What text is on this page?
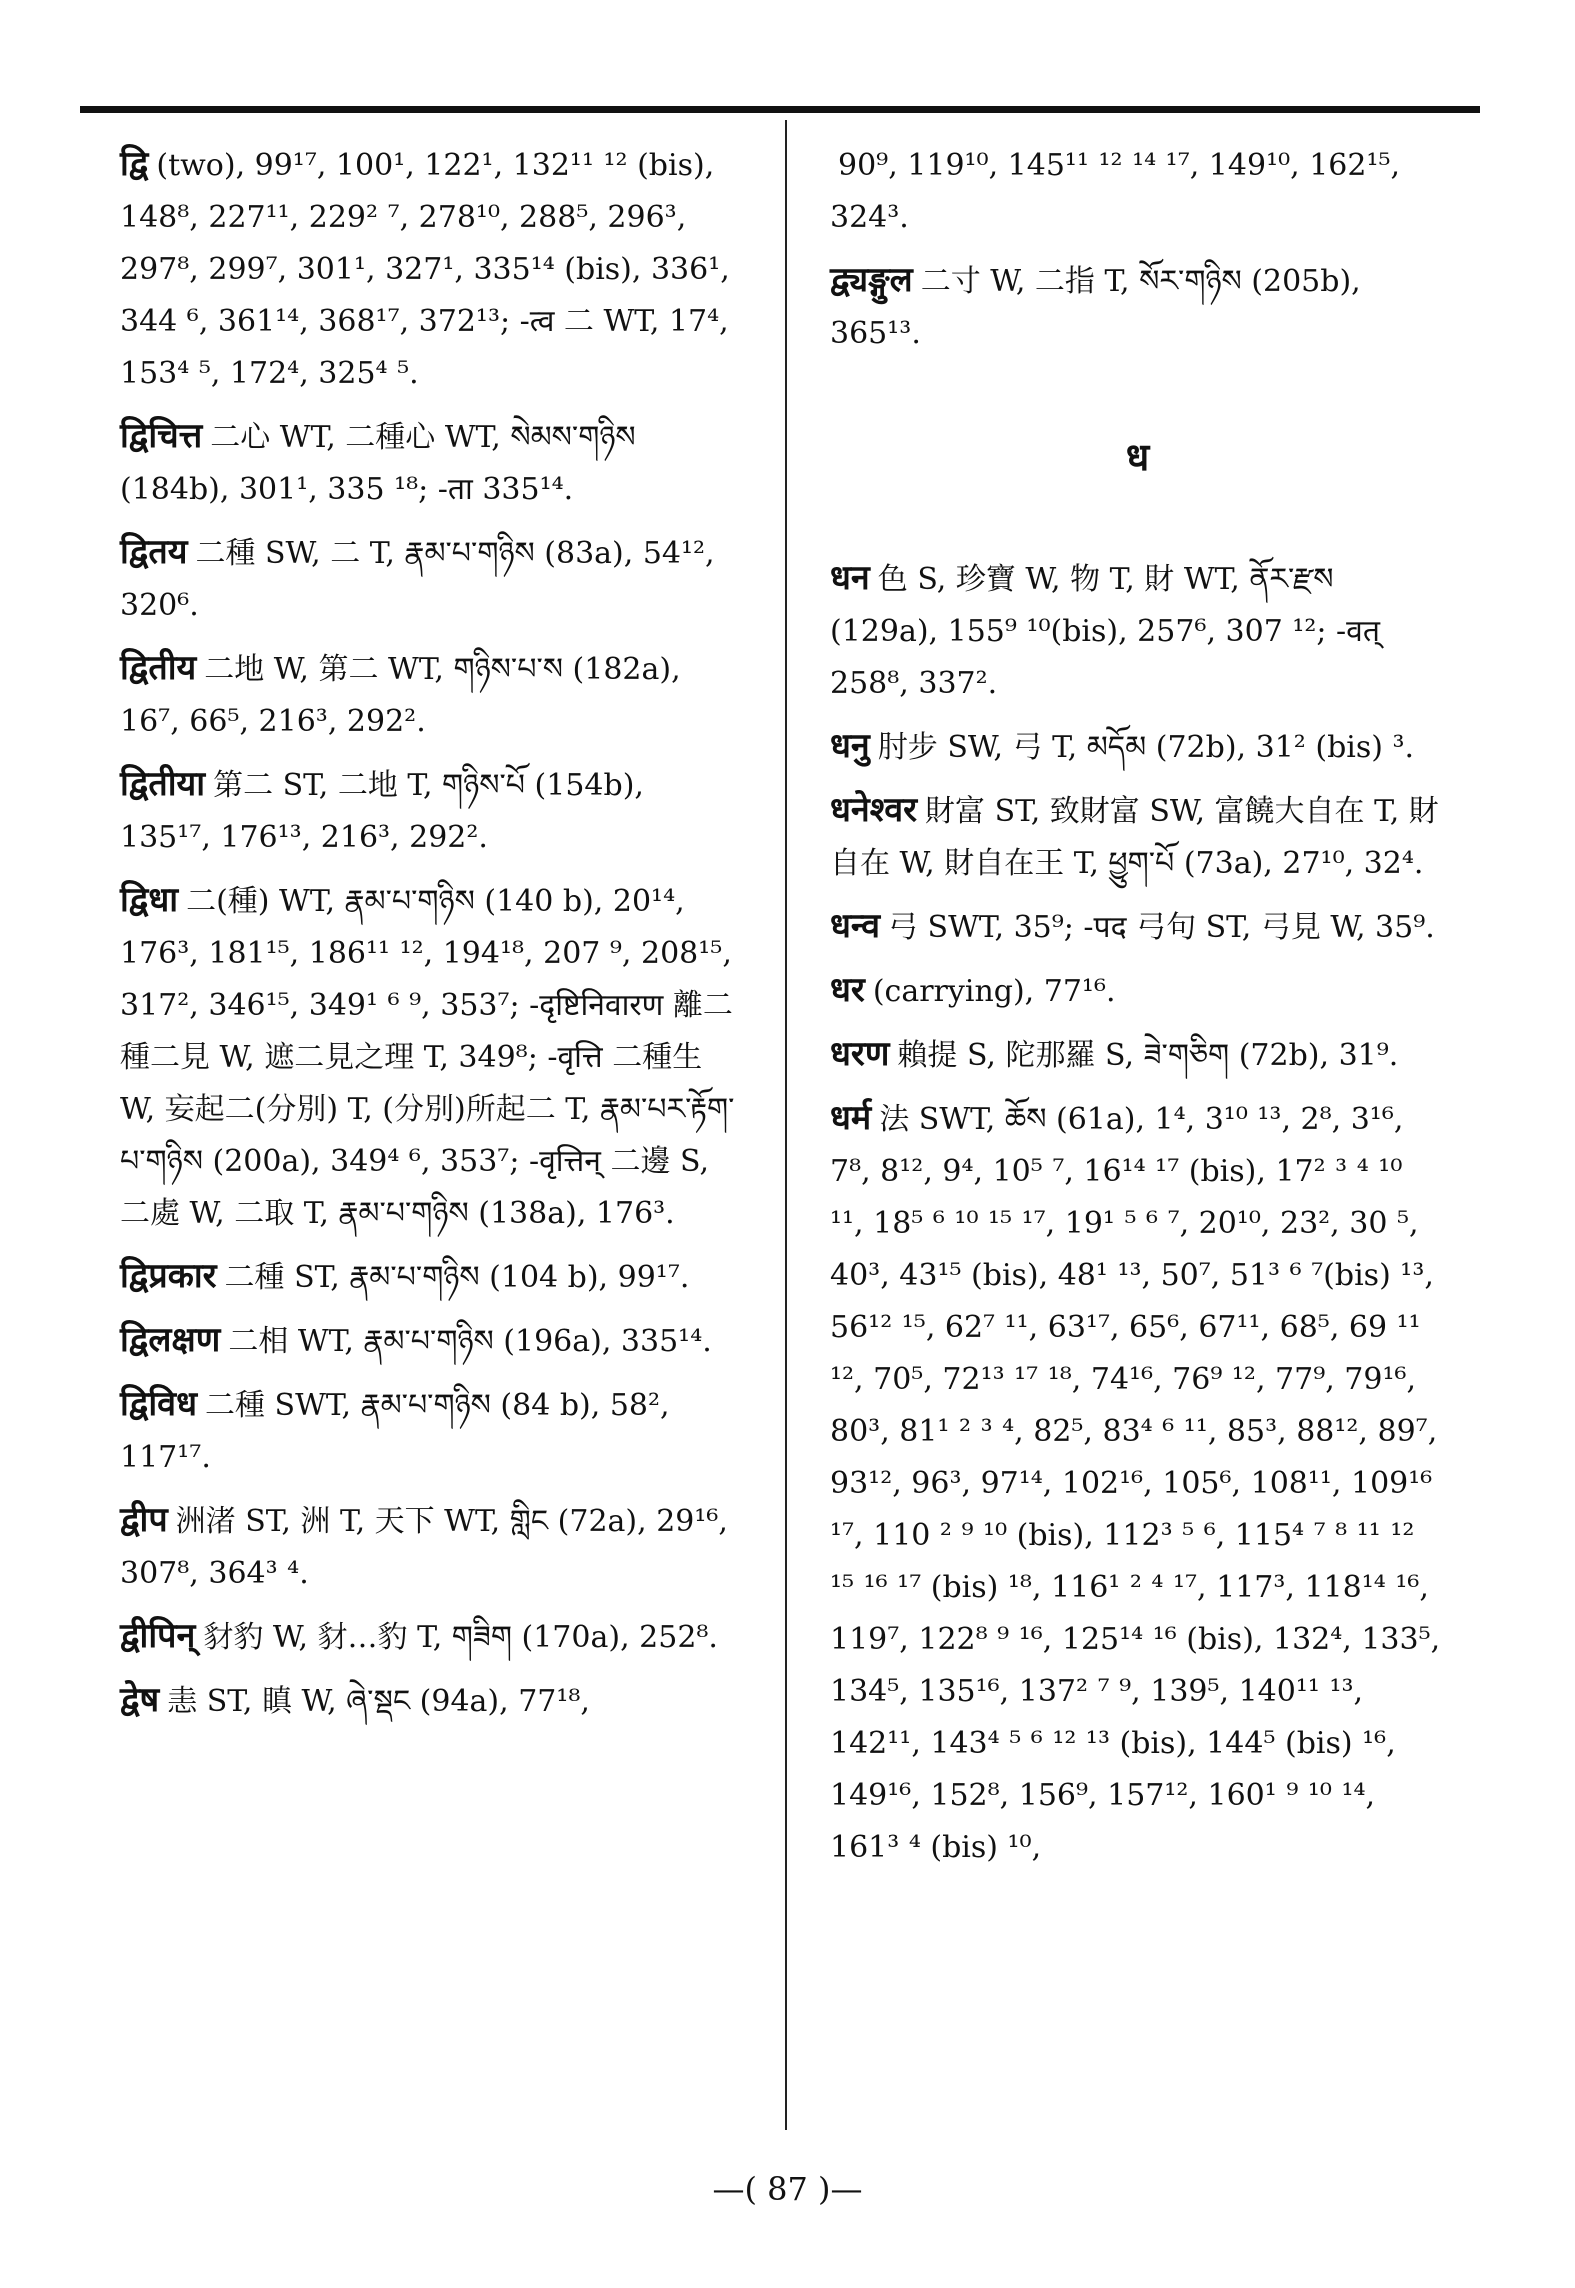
द्वि (two), 99¹⁷, 100¹, 122¹, 132¹¹ ¹² (bis), 148⁸, 227¹¹, 229² ⁷, 278¹⁰, 288⁵, 296³, 297⁸, 299⁷, 301¹, 327¹, 335¹⁴ (bis), 336¹, 344 ⁶, 361¹⁴, 368¹⁷, 372¹³; -त्व 二 WT, 17⁴, 153⁴ ⁵, 172⁴, 325⁴ ⁵.
द्विचित्त 二心 WT, 二種心 WT, སེམས་གཉིས (184b), 301¹, 335 ¹⁸; -ता 335¹⁴.
द्वितय 二種 SW, 二 T, རྣམ་པ་གཉིས (83a), 54¹², 320⁶.
द्वितीय 二地 W, 第二 WT, གཉིས་པ་ས (182a), 16⁷, 66⁵, 216³, 292².
द्वितीया 第二 ST, 二地 T, གཉིས་པོ (154b), 135¹⁷, 176¹³, 216³, 292².
द्विधा 二(種) WT, རྣམ་པ་གཉིས (140 b), 20¹⁴, 176³, 181¹⁵, 186¹¹ ¹², 194¹⁸, 207 ⁹, 208¹⁵, 317², 346¹⁵, 349¹ ⁶ ⁹, 353⁷; -दृष्टिनिवारण 離二種二見 W, 遮二見之理 T, 349⁸; -वृत्ति 二種生 W, 妄起二(分別) T, (分別)所起二 T, རྣམ་པར་རྟོག་པ་གཉིས (200a), 349⁴ ⁶, 353⁷; -वृत्तिन् 二邊 S, 二處 W, 二取 T, རྣམ་པ་གཉིས (138a), 176³.
द्विप्रकार 二種 ST, རྣམ་པ་གཉིས (104 b), 99¹⁷.
द्विलक्षण 二相 WT, རྣམ་པ་གཉིས (196a), 335¹⁴.
द्विविध 二種 SWT, རྣམ་པ་གཉིས (84 b), 58², 117¹⁷.
द्वीप 洲渚 ST, 洲 T, 天下 WT, གླིང (72a), 29¹⁶, 307⁸, 364³ ⁴.
द्वीपिन् 豺豹 W, 豺…豹 T, གཟིག (170a), 252⁸.
द्वेष 恚 ST, 瞋 W, ཞེ་སྡང (94a), 77¹⁸,
90⁹, 119¹⁰, 145¹¹ ¹² ¹⁴ ¹⁷, 149¹⁰, 162¹⁵, 324³.
द्व्यङ्गुल 二寸 W, 二指 T, སོར་གཉིས (205b), 365¹³.
ध
धन 色 S, 珍寶 W, 物 T, 財 WT, ནོར་རྫས (129a), 155⁹ ¹⁰(bis), 257⁶, 307 ¹²; -वत् 258⁸, 337².
धनु 肘步 SW, 弓 T, མདོམ (72b), 31² (bis) ³.
धनेश्वर 財富 ST, 致財富 SW, 富饒大自在 T, 財自在 W, 財自在王 T, ཕྱུག་པོ (73a), 27¹⁰, 32⁴.
धन्व 弓 SWT, 35⁹; -पद 弓句 ST, 弓見 W, 35⁹.
धर (carrying), 77¹⁶.
धरण 賴提 S, 陀那羅 S, ཟེ་གཅིག (72b), 31⁹.
धर्म 法 SWT, ཆོས (61a), 1⁴, 3¹⁰ ¹³, 2⁸, 3¹⁶, 7⁸, 8¹², 9⁴, 10⁵ ⁷, 16¹⁴ ¹⁷ (bis), 17² ³ ⁴ ¹⁰ ¹¹, 18⁵ ⁶ ¹⁰ ¹⁵ ¹⁷, 19¹ ⁵ ⁶ ⁷, 20¹⁰, 23², 30 ⁵, 40³, 43¹⁵ (bis), 48¹ ¹³, 50⁷, 51³ ⁶ ⁷(bis) ¹³, 56¹² ¹⁵, 62⁷ ¹¹, 63¹⁷, 65⁶, 67¹¹, 68⁵, 69 ¹¹ ¹², 70⁵, 72¹³ ¹⁷ ¹⁸, 74¹⁶, 76⁹ ¹², 77⁹, 79¹⁶, 80³, 81¹ ² ³ ⁴, 82⁵, 83⁴ ⁶ ¹¹, 85³, 88¹², 89⁷, 93¹², 96³, 97¹⁴, 102¹⁶, 105⁶, 108¹¹, 109¹⁶ ¹⁷, 110 ² ⁹ ¹⁰ (bis), 112³ ⁵ ⁶, 115⁴ ⁷ ⁸ ¹¹ ¹² ¹⁵ ¹⁶ ¹⁷ (bis) ¹⁸, 116¹ ² ⁴ ¹⁷, 117³, 118¹⁴ ¹⁶, 119⁷, 122⁸ ⁹ ¹⁶, 125¹⁴ ¹⁶ (bis), 132⁴, 133⁵, 134⁵, 135¹⁶, 137² ⁷ ⁹, 139⁵, 140¹¹ ¹³, 142¹¹, 143⁴ ⁵ ⁶ ¹² ¹³ (bis), 144⁵ (bis) ¹⁶, 149¹⁶, 152⁸, 156⁹, 157¹², 160¹ ⁹ ¹⁰ ¹⁴, 161³ ⁴ (bis) ¹⁰,
—( 87 )—
